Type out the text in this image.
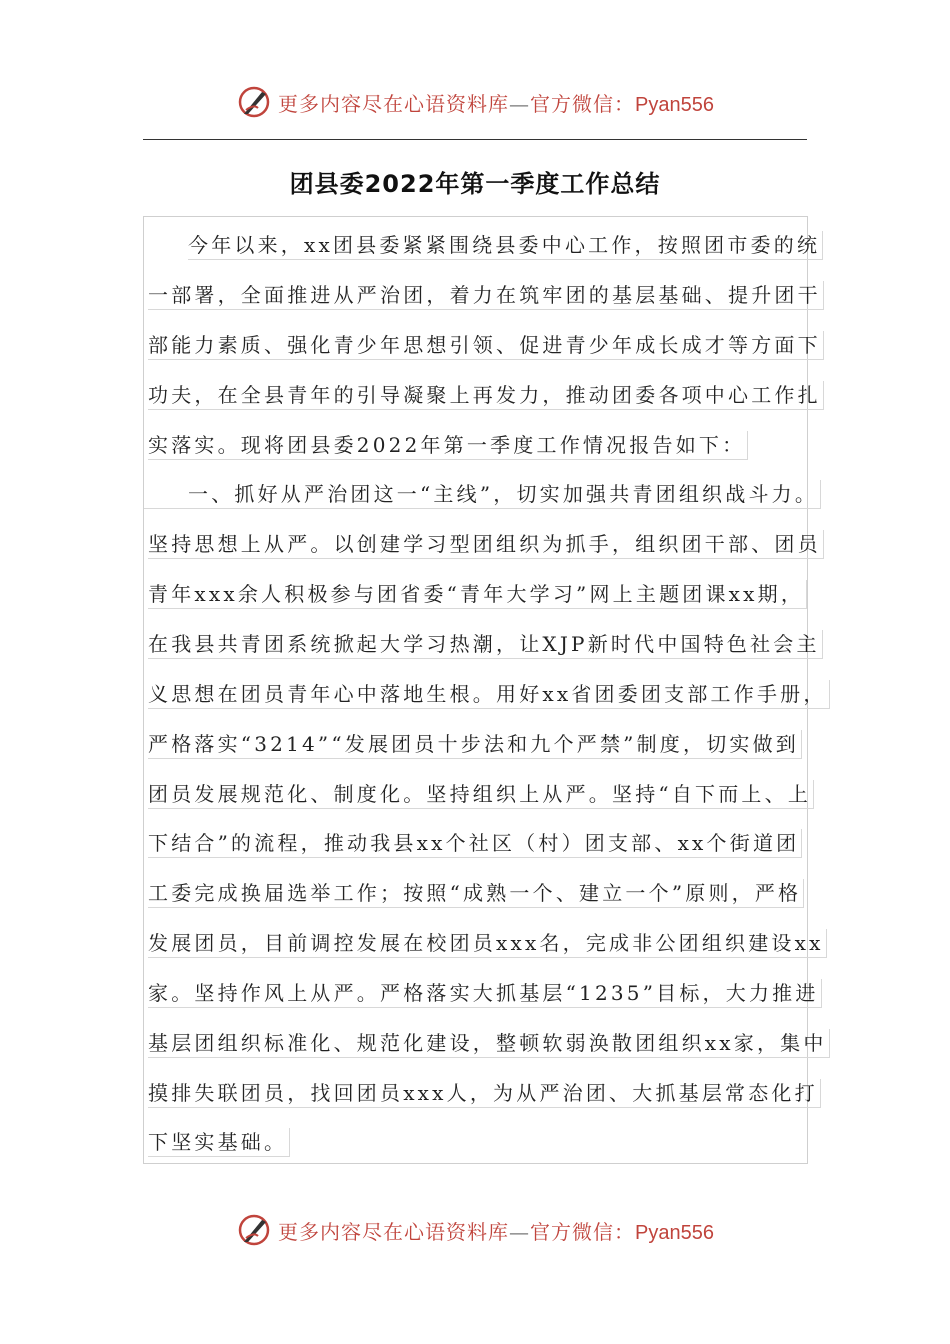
更多内容尽在心语资料库—官方微信：Pyan556
团县委2022年第一季度工作总结
今年以来，xx团县委紧紧围绕县委中心工作，按照团市委的统
一部署，全面推进从严治团，着力在筑牢团的基层基础、提升团干
部能力素质、强化青少年思想引领、促进青少年成长成才等方面下
功夫，在全县青年的引导凝聚上再发力，推动团委各项中心工作扎
实落实。现将团县委2022年第一季度工作情况报告如下：
一、抓好从严治团这一“主线”，切实加强共青团组织战斗力。
坚持思想上从严。以创建学习型团组织为抓手，组织团干部、团员
青年xxx余人积极参与团省委“青年大学习”网上主题团课xx期，
在我县共青团系统掀起大学习热潮，让XJP新时代中国特色社会主
义思想在团员青年心中落地生根。用好xx省团委团支部工作手册，
严格落实“3214”“发展团员十步法和九个严禁”制度，切实做到
团员发展规范化、制度化。坚持组织上从严。坚持“自下而上、上
下结合”的流程，推动我县xx个社区（村）团支部、xx个街道团
工委完成换届选举工作；按照“成熟一个、建立一个”原则，严格
发展团员，目前调控发展在校团员xxx名，完成非公团组织建设xx
家。坚持作风上从严。严格落实大抓基层“1235”目标，大力推进
基层团组织标准化、规范化建设，整顿软弱涣散团组织xx家，集中
摸排失联团员，找回团员xxx人，为从严治团、大抓基层常态化打
下坚实基础。
更多内容尽在心语资料库—官方微信：Pyan556
